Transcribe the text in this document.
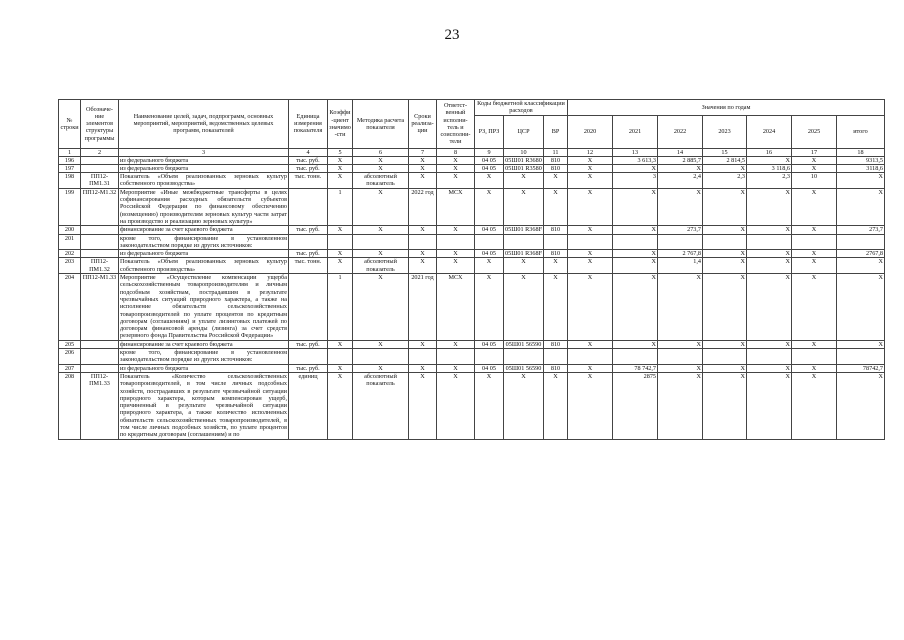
23
№ строки	Обозначе-ние элементов структуры программы	Наименование целей, задач, подпрограмм, основных мероприятий, мероприятий, ведомственных целевых программ, показателей	Единица измерения показателя	Коэффи-циент значимо-сти	Методика расчета показателя	Сроки реализа-ции	Ответст-венный исполни-тель и соисполни-тели	Коды бюджетной классификации расходов			Значения по годам						
								РЗ, ПРЗ	ЦСР	ВР	2020	2021	2022	2023	2024	2025	итого
1	2	3	4	5	6	7	8	9	10	11	12	13	14	15	16	17	18
196		из федерального бюджета	тыс. руб.	X	X	X	X	04 05	05Ш01 R3680	810	X	3 613,3	2 885,7	2 814,5	X	X	9313,5
197		из федерального бюджета	тыс. руб.	X	X	X	X	04 05	05Ш01 R3580	810	X	X	X	X	3 118,6	X	3118,6
198	ПП12-ПМ1.31	Показатель «Объем реализованных зерновых культур собственного производства»	тыс. тонн.	X	абсолютный показатель	X	X	X	X	X	X	3	2,4	2,3	2,3	10	X
199	ПП12-М1.32	Мероприятие «Иные межбюджетные трансферты в целях софинансирования расходных обязательств субъектов Российской Федерации по финансовому обеспечению (возмещению) производителям зерновых культур части затрат на производство и реализацию зерновых культур»		1	X	2022 год	МСХ	X	X	X	X	X	X	X	X	X	X
200		финансирование за счет краевого бюджета	тыс. руб.	X	X	X	X	04 05	05Ш01 R368F	810	X	X	273,7	X	X	X	273,7
201		кроме того, финансирование в установленном законодательством порядке из других источников:															
202		из федерального бюджета	тыс. руб.	X	X	X	X	04 05	05Ш01 R368F	810	X	X	2 767,8	X	X	X	2767,8
203	ПП12-ПМ1.32	Показатель «Объем реализованных зерновых культур собственного производства»	тыс. тонн.	X	абсолютный показатель	X	X	X	X	X	X	X	1,4	X	X	X	X
204	ПП12-М1.33	Мероприятие «Осуществление компенсации ущерба сельскохозяйственным товаропроизводителям и личным подсобным хозяйствам, пострадавшим в результате чрезвычайных ситуаций природного характера, а также на исполнение обязательств сельскохозяйственных товаропроизводителей по уплате процентов по кредитным договорам (соглашениям) и уплате лизинговых платежей по договорам финансовой аренды (лизинга) за счет средств резервного фонда Правительства Российской Федерации»		1	X	2021 год	МСХ	X	X	X	X	X	X	X	X	X	X
205		финансирование за счет краевого бюджета	тыс. руб.	X	X	X	X	04 05	05Ш01 56590	810	X	X	X	X	X	X	X
206		кроме того, финансирование в установленном законодательством порядке из других источников:															
207		из федерального бюджета	тыс. руб.	X	X	X	X	04 05	05Ш01 56590	810	X	78 742,7	X	X	X	X	78742,7
208	ПП12-ПМ1.33	Показатель «Количество сельскохозяйственных товаропроизводителей, в том числе личных подсобных хозяйств, пострадавших в результате чрезвычайной ситуации природного характера, которым компенсирован ущерб, причиненный в результате чрезвычайной ситуации природного характера, а также количество исполненных обязательств сельскохозяйственных товаропроизводителей, в том числе личных подсобных хозяйств, по уплате процентов по кредитным договорам (соглашениям) и по	единиц	X	абсолютный показатель	X	X	X	X	X	X	2875	X	X	X	X	X
